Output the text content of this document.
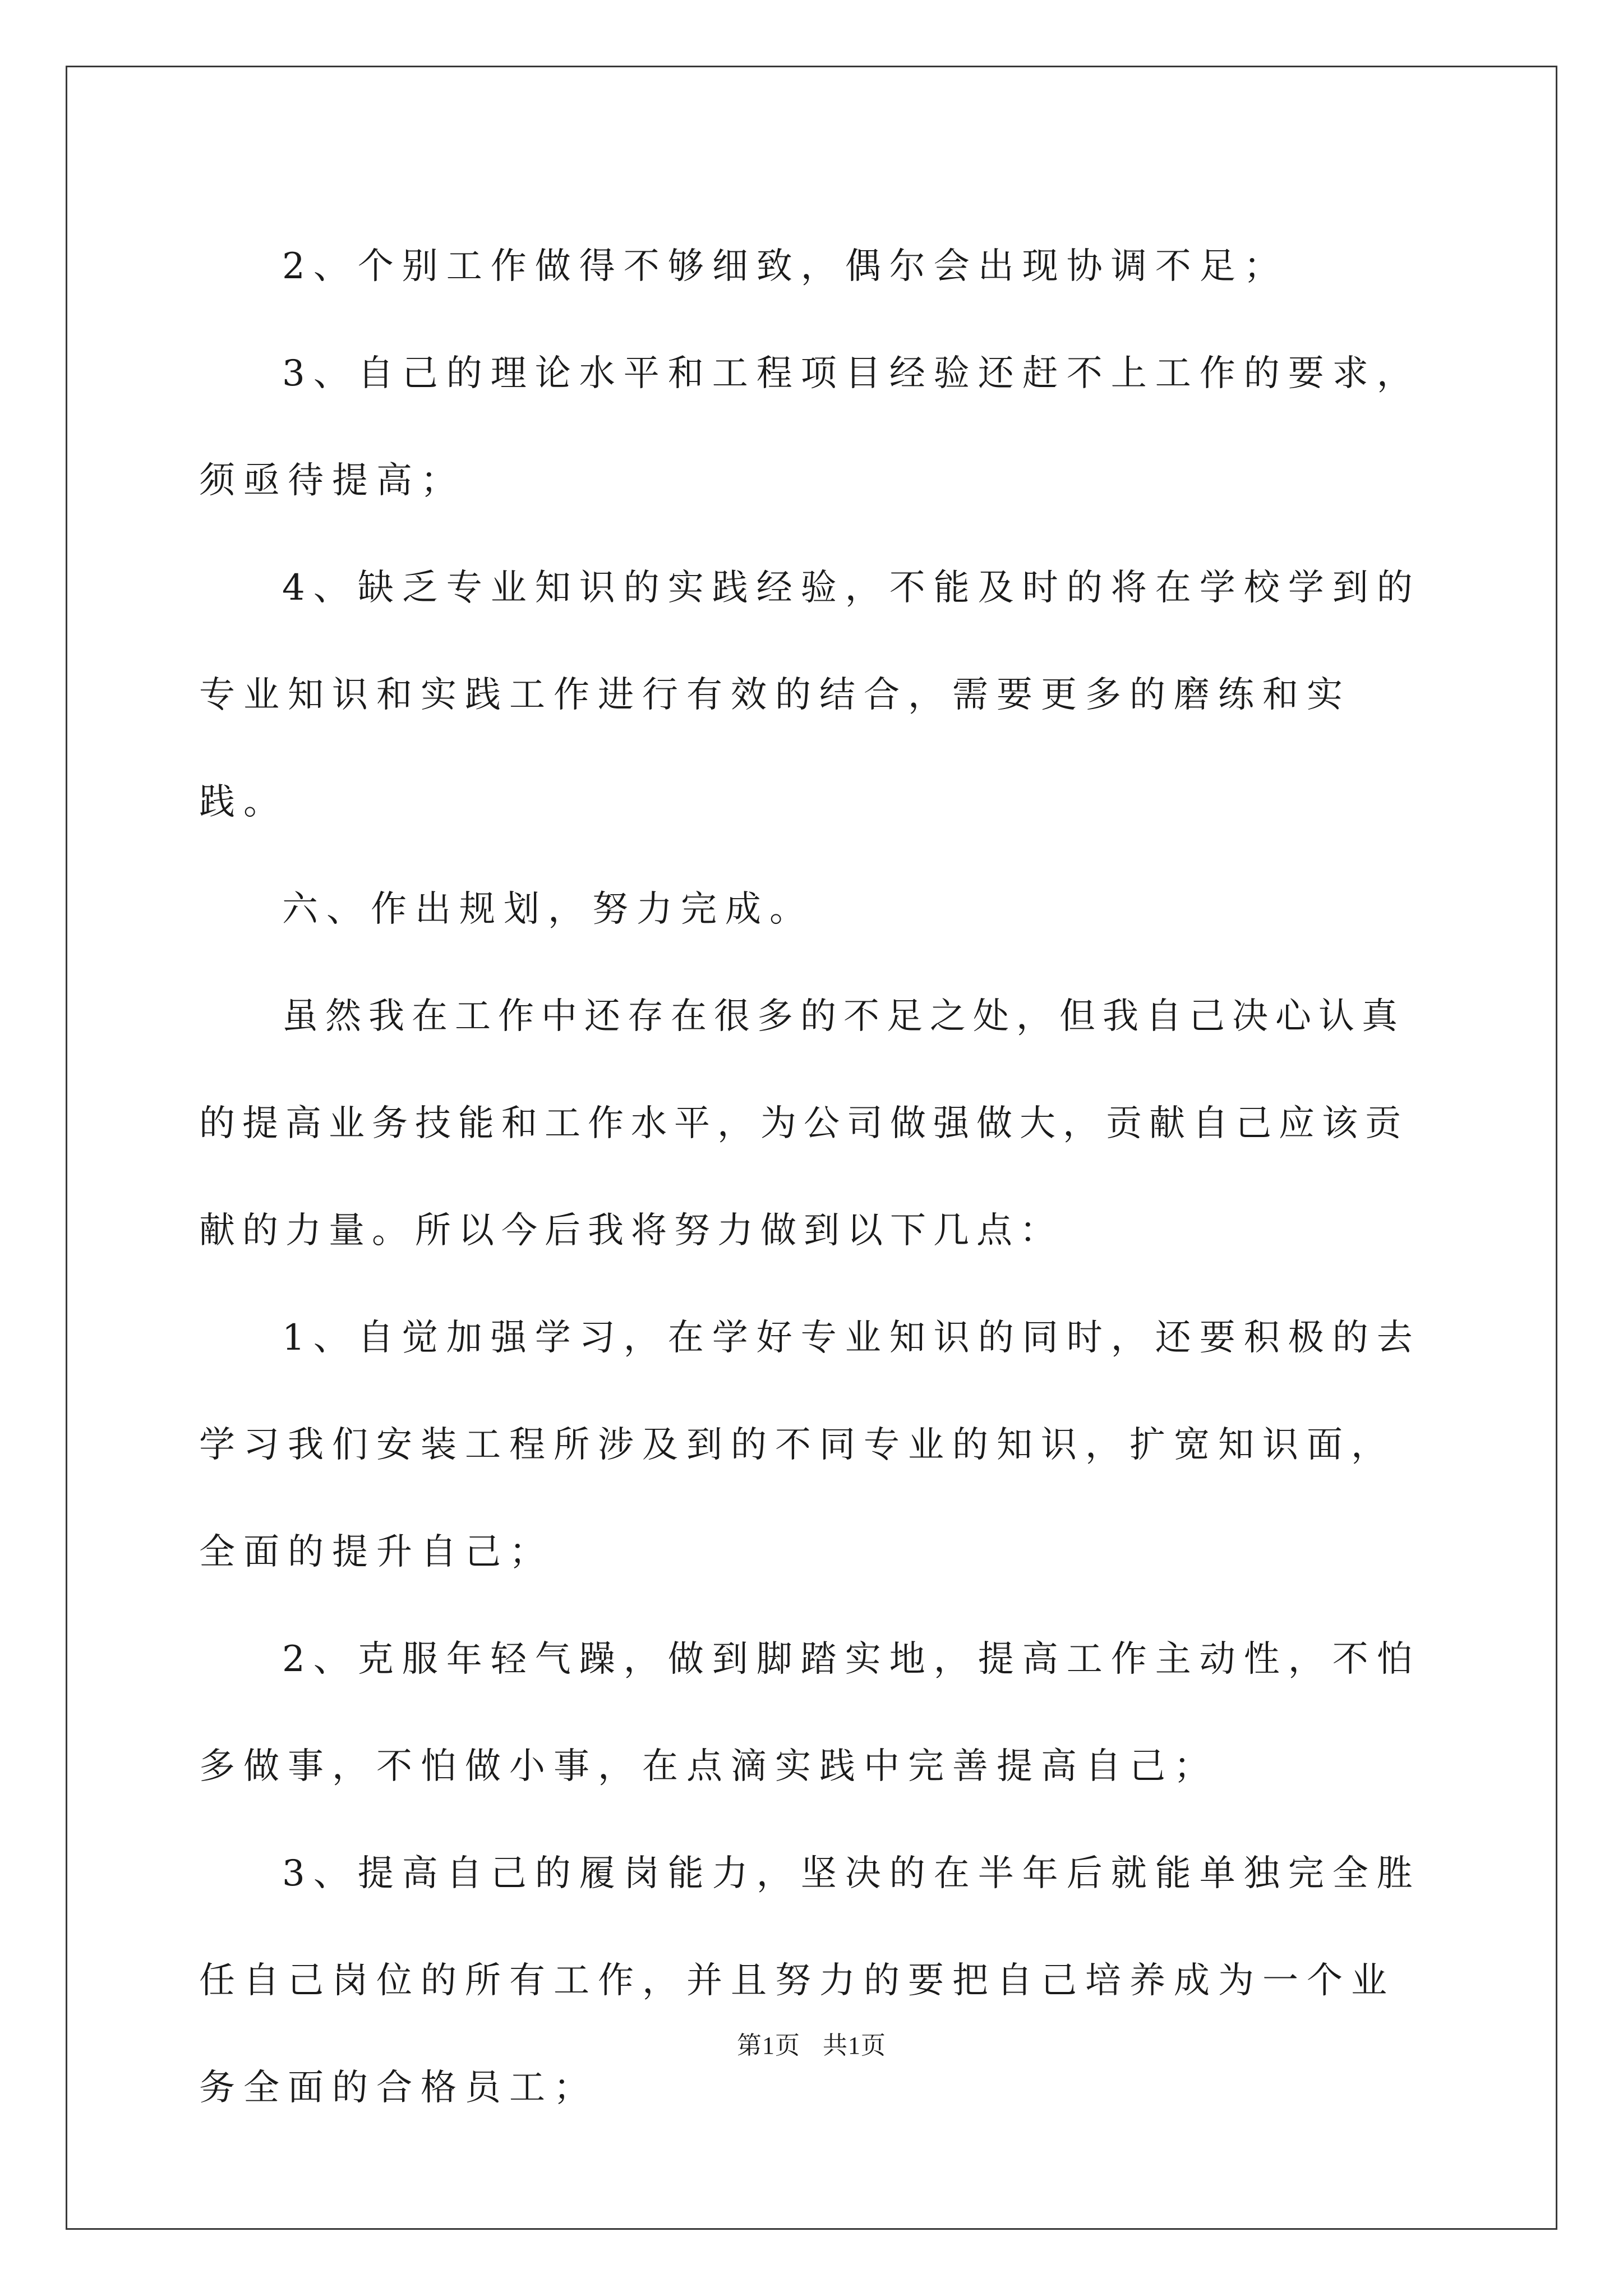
2、个别工作做得不够细致，偶尔会出现协调不足；

3、自己的理论水平和工程项目经验还赶不上工作的要求，须亟待提高；

4、缺乏专业知识的实践经验，不能及时的将在学校学到的专业知识和实践工作进行有效的结合，需要更多的磨练和实践。

六、作出规划，努力完成。

虽然我在工作中还存在很多的不足之处，但我自己决心认真的提高业务技能和工作水平，为公司做强做大，贡献自己应该贡献的力量。所以今后我将努力做到以下几点：

1、自觉加强学习，在学好专业知识的同时，还要积极的去学习我们安装工程所涉及到的不同专业的知识，扩宽知识面，全面的提升自己；

2、克服年轻气躁，做到脚踏实地，提高工作主动性，不怕多做事，不怕做小事，在点滴实践中完善提高自己；

3、提高自己的履岗能力，坚决的在半年后就能单独完全胜任自己岗位的所有工作，并且努力的要把自己培养成为一个业务全面的合格员工；

第1页 共1页
